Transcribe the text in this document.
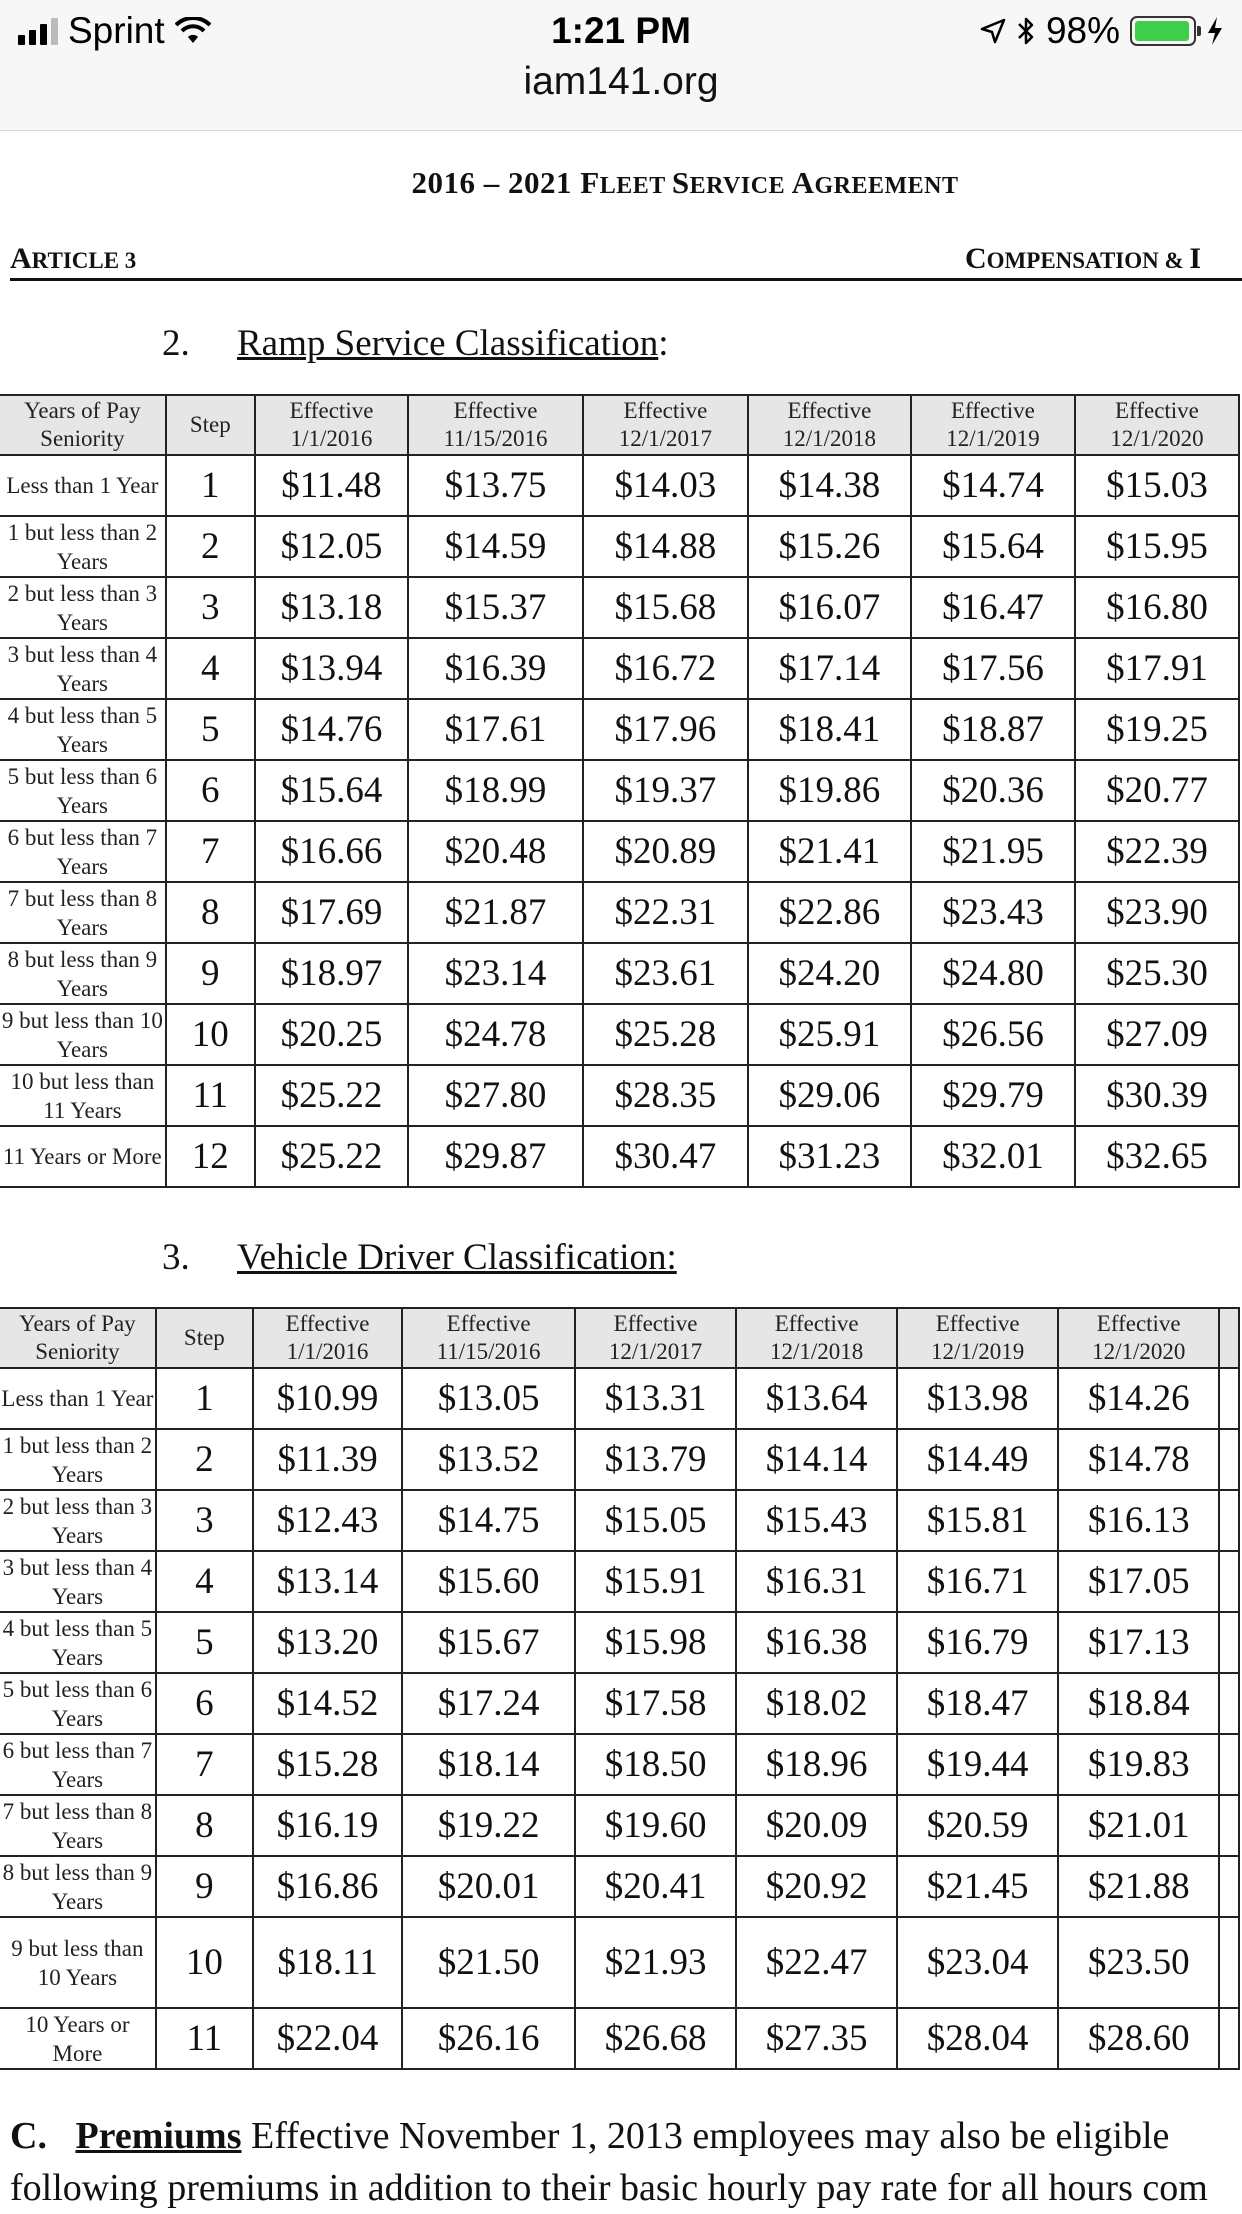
Sprint	1:21 PM	98%
iam141.org
2016 – 2021 FLEET SERVICE AGREEMENT
ARTICLE 3	COMPENSATION & I
2. Ramp Service Classification:
Years of Pay Seniority	Step	Effective 1/1/2016	Effective 11/15/2016	Effective 12/1/2017	Effective 12/1/2018	Effective 12/1/2019	Effective 12/1/2020
Less than 1 Year	1	$11.48	$13.75	$14.03	$14.38	$14.74	$15.03
1 but less than 2 Years	2	$12.05	$14.59	$14.88	$15.26	$15.64	$15.95
2 but less than 3 Years	3	$13.18	$15.37	$15.68	$16.07	$16.47	$16.80
3 but less than 4 Years	4	$13.94	$16.39	$16.72	$17.14	$17.56	$17.91
4 but less than 5 Years	5	$14.76	$17.61	$17.96	$18.41	$18.87	$19.25
5 but less than 6 Years	6	$15.64	$18.99	$19.37	$19.86	$20.36	$20.77
6 but less than 7 Years	7	$16.66	$20.48	$20.89	$21.41	$21.95	$22.39
7 but less than 8 Years	8	$17.69	$21.87	$22.31	$22.86	$23.43	$23.90
8 but less than 9 Years	9	$18.97	$23.14	$23.61	$24.20	$24.80	$25.30
9 but less than 10 Years	10	$20.25	$24.78	$25.28	$25.91	$26.56	$27.09
10 but less than 11 Years	11	$25.22	$27.80	$28.35	$29.06	$29.79	$30.39
11 Years or More	12	$25.22	$29.87	$30.47	$31.23	$32.01	$32.65
3. Vehicle Driver Classification:
Years of Pay Seniority	Step	Effective 1/1/2016	Effective 11/15/2016	Effective 12/1/2017	Effective 12/1/2018	Effective 12/1/2019	Effective 12/1/2020	
Less than 1 Year	1	$10.99	$13.05	$13.31	$13.64	$13.98	$14.26	
1 but less than 2 Years	2	$11.39	$13.52	$13.79	$14.14	$14.49	$14.78	
2 but less than 3 Years	3	$12.43	$14.75	$15.05	$15.43	$15.81	$16.13	
3 but less than 4 Years	4	$13.14	$15.60	$15.91	$16.31	$16.71	$17.05	
4 but less than 5 Years	5	$13.20	$15.67	$15.98	$16.38	$16.79	$17.13	
5 but less than 6 Years	6	$14.52	$17.24	$17.58	$18.02	$18.47	$18.84	
6 but less than 7 Years	7	$15.28	$18.14	$18.50	$18.96	$19.44	$19.83	
7 but less than 8 Years	8	$16.19	$19.22	$19.60	$20.09	$20.59	$21.01	
8 but less than 9 Years	9	$16.86	$20.01	$20.41	$20.92	$21.45	$21.88	
9 but less than 10 Years	10	$18.11	$21.50	$21.93	$22.47	$23.04	$23.50	
10 Years or More	11	$22.04	$26.16	$26.68	$27.35	$28.04	$28.60	
C. Premiums Effective November 1, 2013 employees may also be eligible
following premiums in addition to their basic hourly pay rate for all hours com
